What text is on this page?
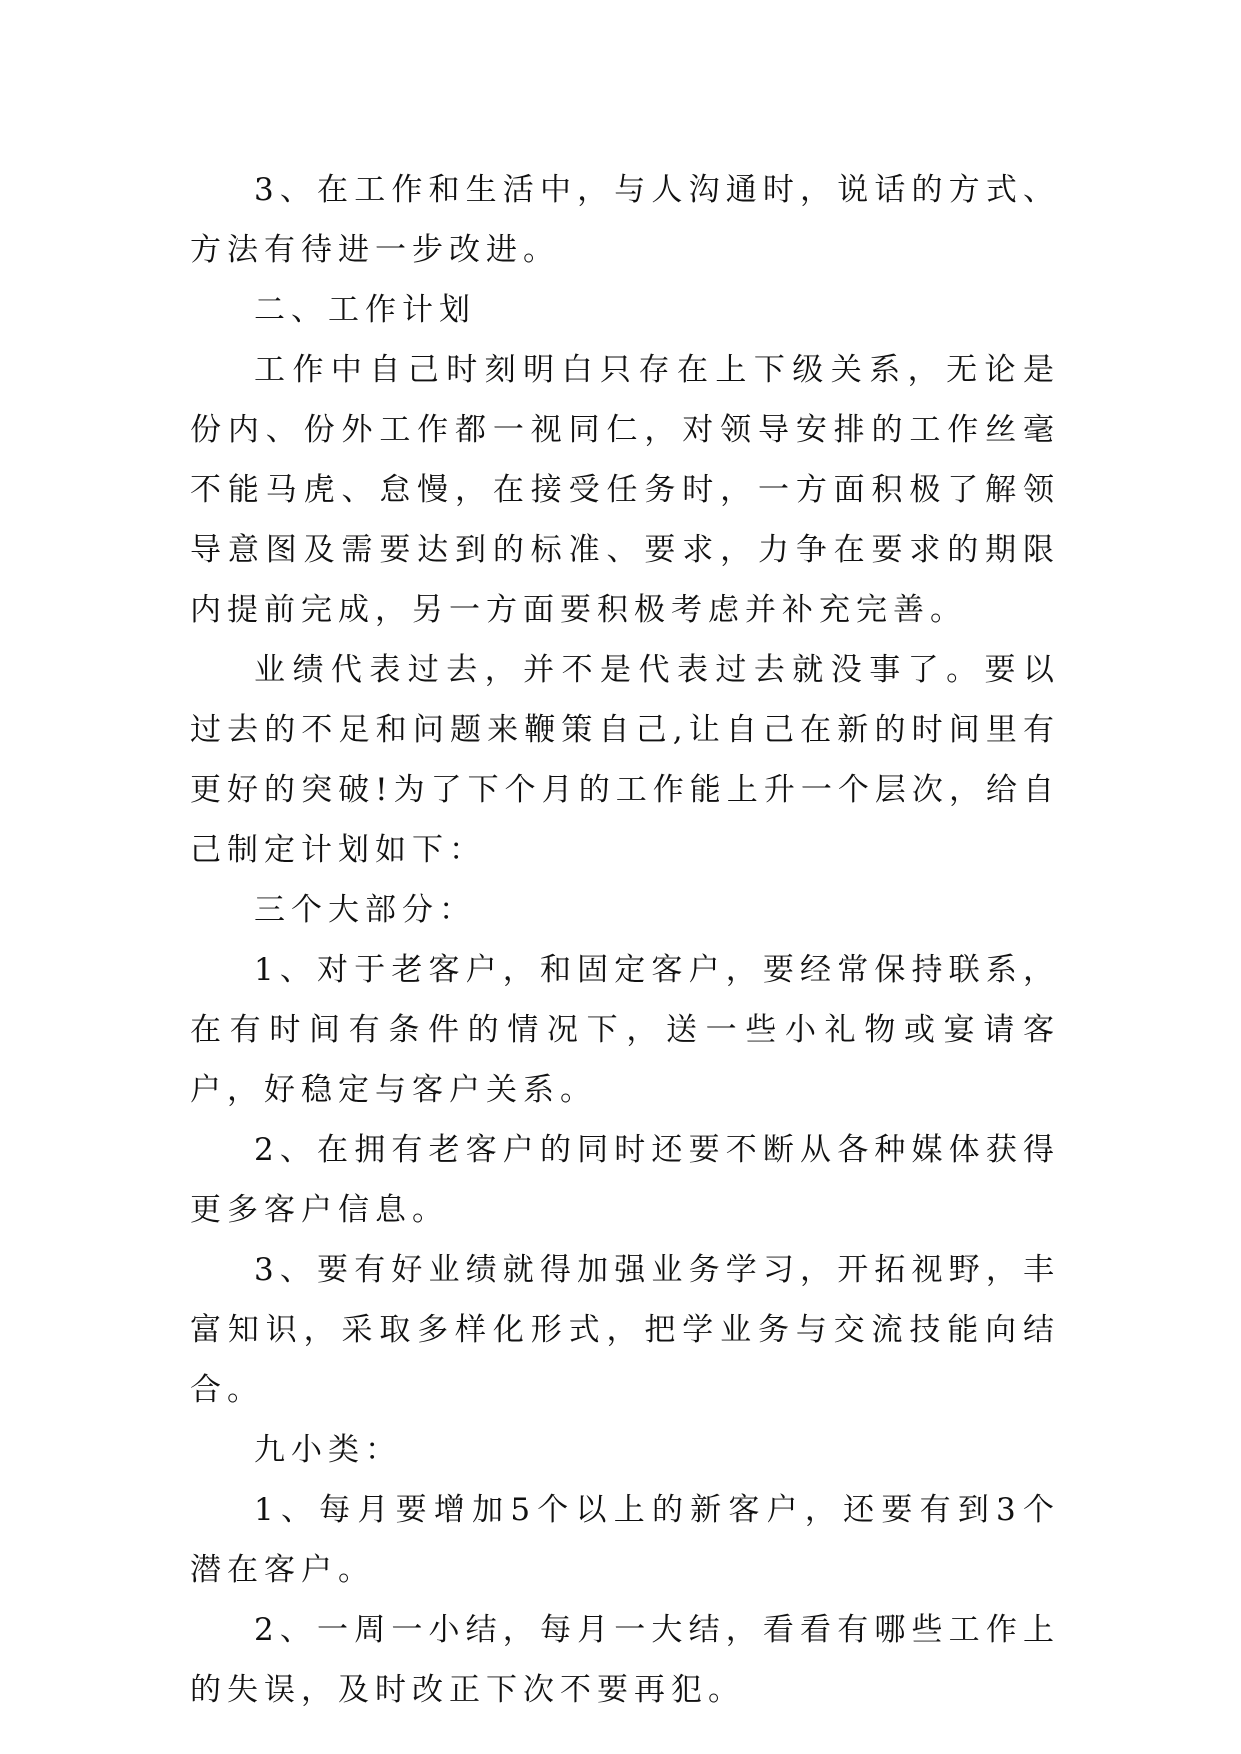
3、在工作和生活中，与人沟通时，说话的方式、方法有待进一步改进。

二、工作计划

工作中自己时刻明白只存在上下级关系，无论是份内、份外工作都一视同仁，对领导安排的工作丝毫不能马虎、怠慢，在接受任务时，一方面积极了解领导意图及需要达到的标准、要求，力争在要求的期限内提前完成，另一方面要积极考虑并补充完善。

业绩代表过去，并不是代表过去就没事了。要以过去的不足和问题来鞭策自己,让自己在新的时间里有更好的突破!为了下个月的工作能上升一个层次，给自己制定计划如下：

三个大部分：

1、对于老客户，和固定客户，要经常保持联系，在有时间有条件的情况下，送一些小礼物或宴请客户，好稳定与客户关系。

2、在拥有老客户的同时还要不断从各种媒体获得更多客户信息。

3、要有好业绩就得加强业务学习，开拓视野，丰富知识，采取多样化形式，把学业务与交流技能向结合。

九小类：

1、每月要增加5个以上的新客户，还要有到3个潜在客户。

2、一周一小结，每月一大结，看看有哪些工作上的失误，及时改正下次不要再犯。
